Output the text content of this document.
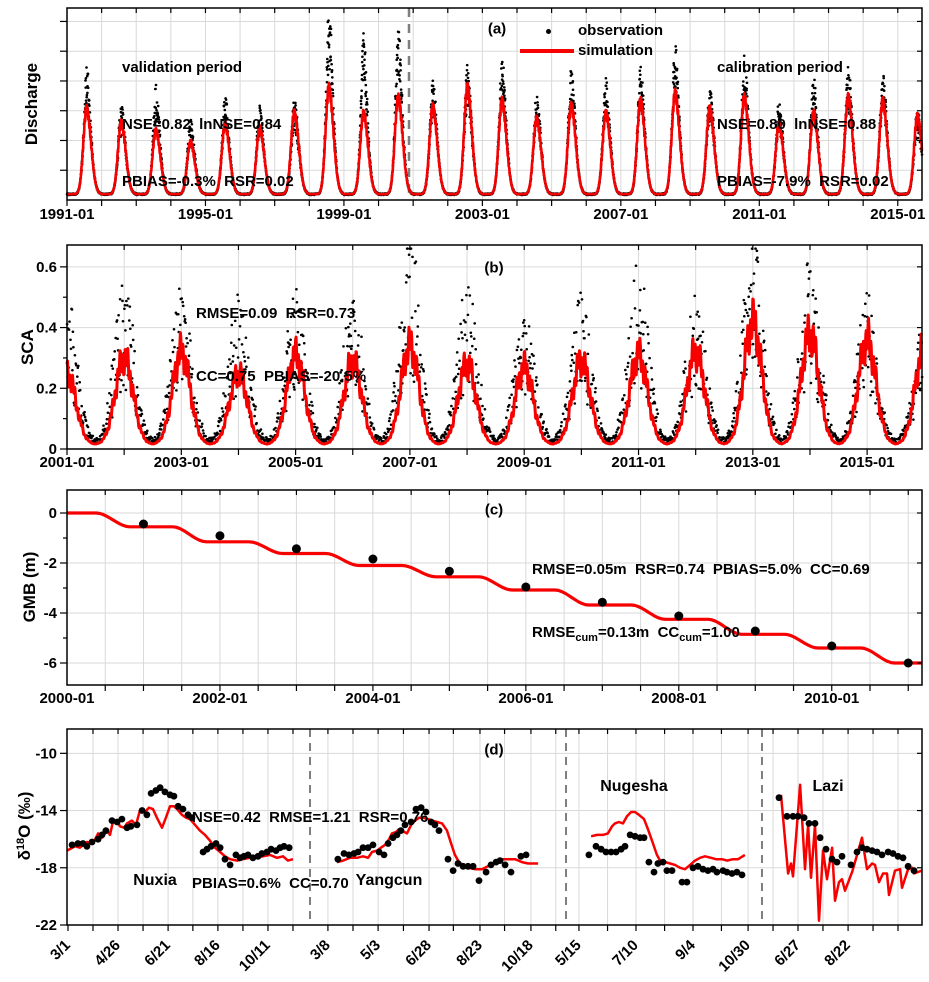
1991-01	1995-01	1999-01	2003-01	2007-01	2011-01	2015-01
2001-01	2003-01	2005-01	2007-01	2009-01	2011-01	2013-01	2015-01
0
0.2
0.4
0.6
2000-01	2002-01	2004-01	2006-01	2008-01	2010-01
0
-2
-4
-6
3/1 4/26 6/21 8/16 10/11 3/8 5/3 6/28 8/23 10/18 5/15 7/10 9/4 10/30 6/27 8/22
-10
-14
-18
-22
(a)
(b)
(c)
(d)

validation period

NSE=0.82  lnNSE=0.84

PBIAS=-0.3%  RSR=0.02

calibration period

NSE=0.80  lnNSE=0.88

PBIAS=-7.9%  RSR=0.02

observation
simulation

RMSE=0.09  RSR=0.73

CC=0.75  PBIAS=-20.5%

RMSE=0.05m  RSR=0.74  PBIAS=5.0%  CC=0.69

$RMSE_{cum}=0.13m$  $CC_{cum}=1.00$

NSE=0.42  RMSE=1.21  RSR=0.76

PBIAS=0.6%  CC=0.70

Nuxia	Yangcun
Nugesha	Lazi
Discharge
SCA
GMB (m)
$\delta^{18}O$ (‰)
